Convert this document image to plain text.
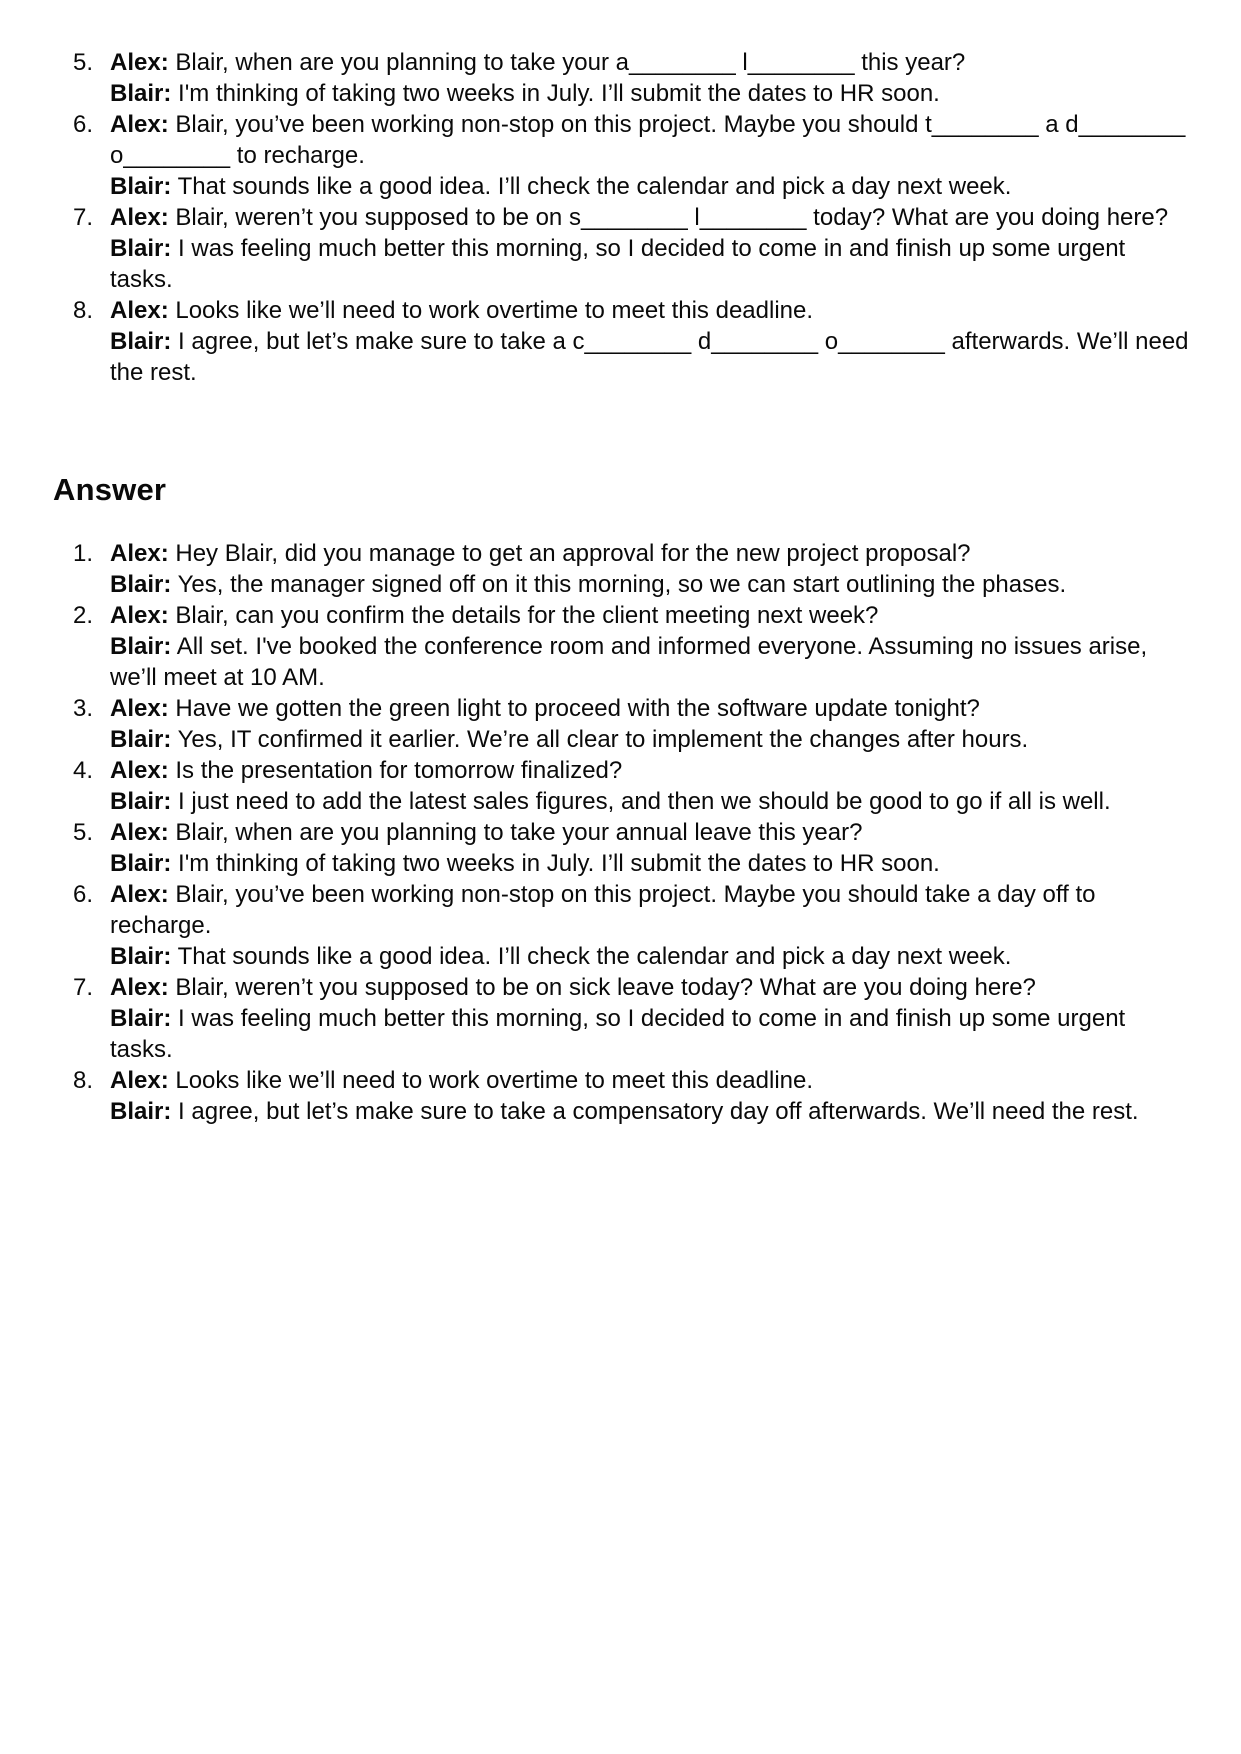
5. Alex: Blair, when are you planning to take your a________ l________ this year?

Blair: I'm thinking of taking two weeks in July. I’ll submit the dates to HR soon.

6. Alex: Blair, you’ve been working non-stop on this project. Maybe you should t________ a d________ o________ to recharge.

Blair: That sounds like a good idea. I’ll check the calendar and pick a day next week.

7. Alex: Blair, weren’t you supposed to be on s________ l________ today? What are you doing here?

Blair: I was feeling much better this morning, so I decided to come in and finish up some urgent tasks.

8. Alex: Looks like we’ll need to work overtime to meet this deadline.

Blair: I agree, but let’s make sure to take a c________ d________ o________ afterwards. We’ll need the rest.

Answer
1. Alex: Hey Blair, did you manage to get an approval for the new project proposal?

Blair: Yes, the manager signed off on it this morning, so we can start outlining the phases.

2. Alex: Blair, can you confirm the details for the client meeting next week?

Blair: All set. I've booked the conference room and informed everyone. Assuming no issues arise, we’ll meet at 10 AM.

3. Alex: Have we gotten the green light to proceed with the software update tonight?

Blair: Yes, IT confirmed it earlier. We’re all clear to implement the changes after hours.

4. Alex: Is the presentation for tomorrow finalized?

Blair: I just need to add the latest sales figures, and then we should be good to go if all is well.

5. Alex: Blair, when are you planning to take your annual leave this year?

Blair: I'm thinking of taking two weeks in July. I’ll submit the dates to HR soon.

6. Alex: Blair, you’ve been working non-stop on this project. Maybe you should take a day off to recharge.

Blair: That sounds like a good idea. I’ll check the calendar and pick a day next week.

7. Alex: Blair, weren’t you supposed to be on sick leave today? What are you doing here?

Blair: I was feeling much better this morning, so I decided to come in and finish up some urgent tasks.

8. Alex: Looks like we’ll need to work overtime to meet this deadline.

Blair: I agree, but let’s make sure to take a compensatory day off afterwards. We’ll need the rest.
